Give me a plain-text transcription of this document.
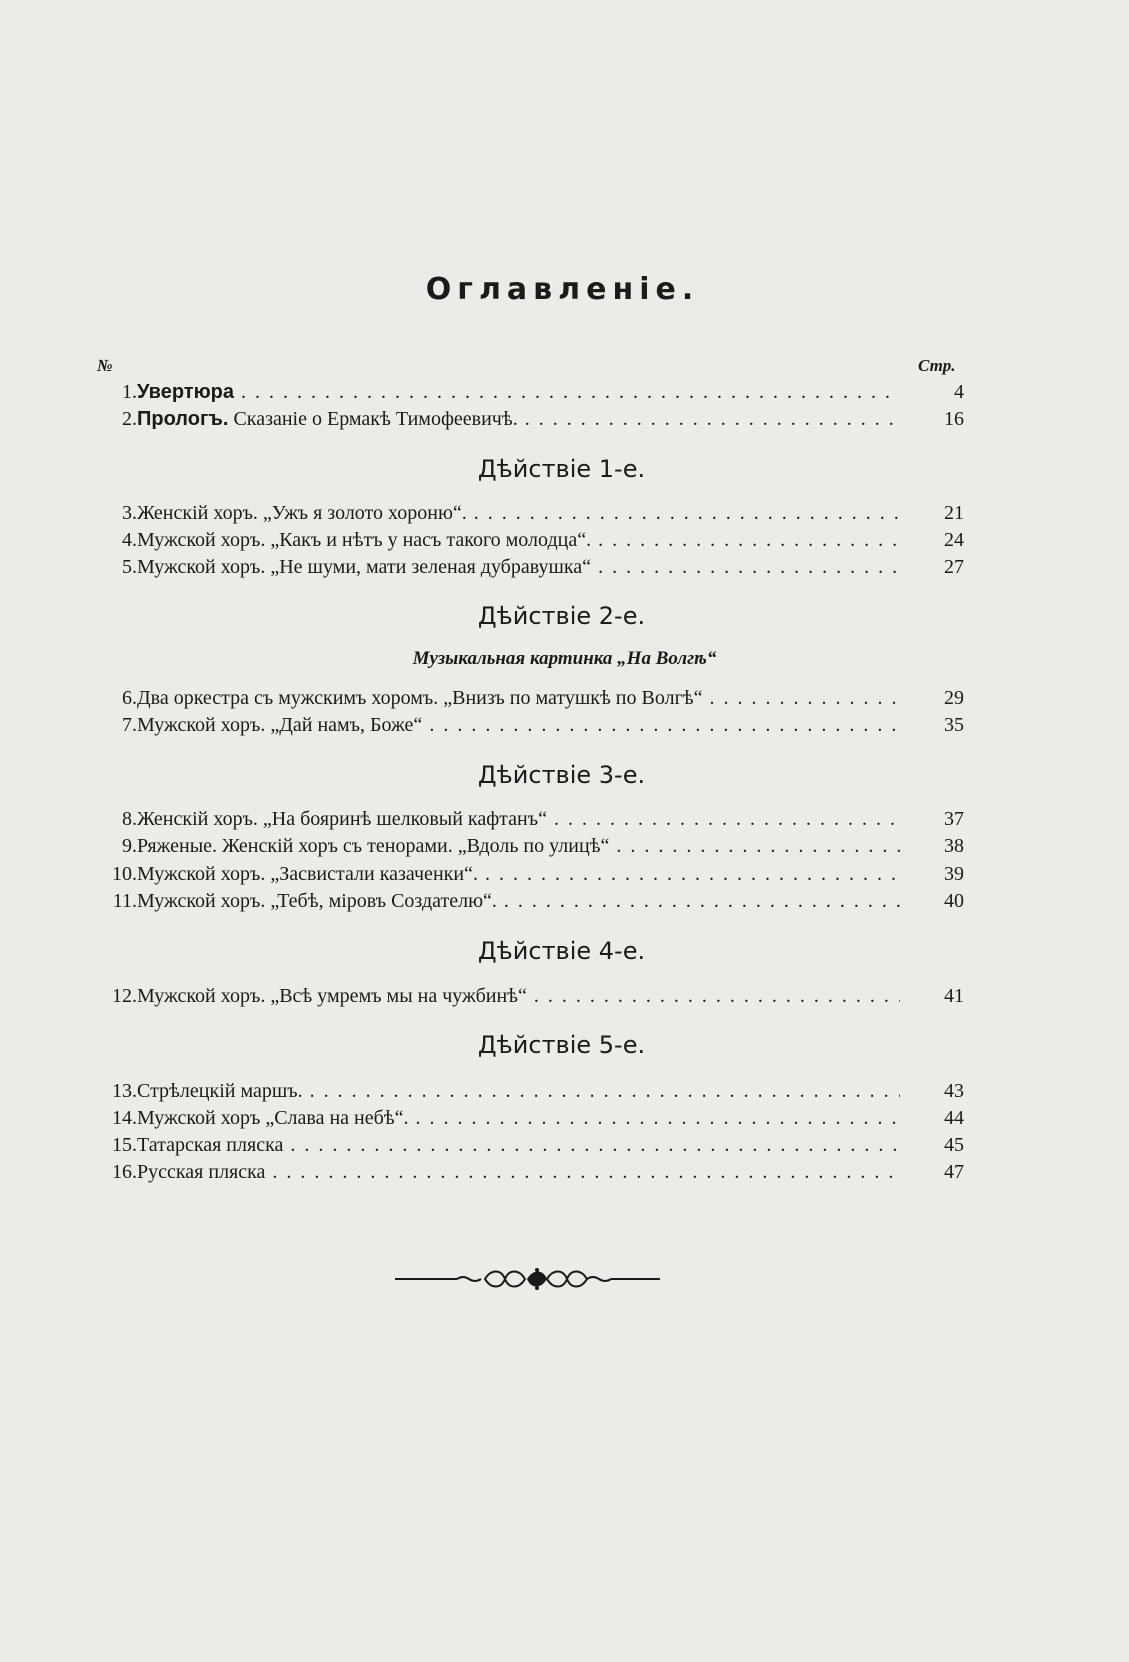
Оглавленіе.
№	Стр.
1. Увертюра . . .	4
2. Прологъ. Сказаніе о Ермакѣ Тимофеевичѣ. . . .	16
Дѣйствіе 1-е.
3. Женскій хоръ. „Ужъ я золото хороню“. . . .	21
4. Мужской хоръ. „Какъ и нѣтъ у насъ такого молодца“. . . .	24
5. Мужской хоръ. „Не шуми, мати зеленая дубравушка“ . . .	27
Дѣйствіе 2-е.
Музыкальная картинка „На Волгѣ“
6. Два оркестра съ мужскимъ хоромъ. „Внизъ по матушкѣ по Волгѣ“ . . .	29
7. Мужской хоръ. „Дай намъ, Боже“ . . .	35
Дѣйствіе 3-е.
8. Женскій хоръ. „На бояринѣ шелковый кафтанъ“ . . .	37
9. Ряженые. Женскій хоръ съ тенорами. „Вдоль по улицѣ“ . . .	38
10. Мужской хоръ. „Засвистали казаченки“. . . .	39
11. Мужской хоръ. „Тебѣ, міровъ Создателю“. . . .	40
Дѣйствіе 4-е.
12. Мужской хоръ. „Всѣ умремъ мы на чужбинѣ“ . . .	41
Дѣйствіе 5-е.
13. Стрѣлецкій маршъ. . . .	43
14. Мужской хоръ „Слава на небѣ“. . . .	44
15. Татарская пляска . . .	45
16. Русская пляска . . .	47
